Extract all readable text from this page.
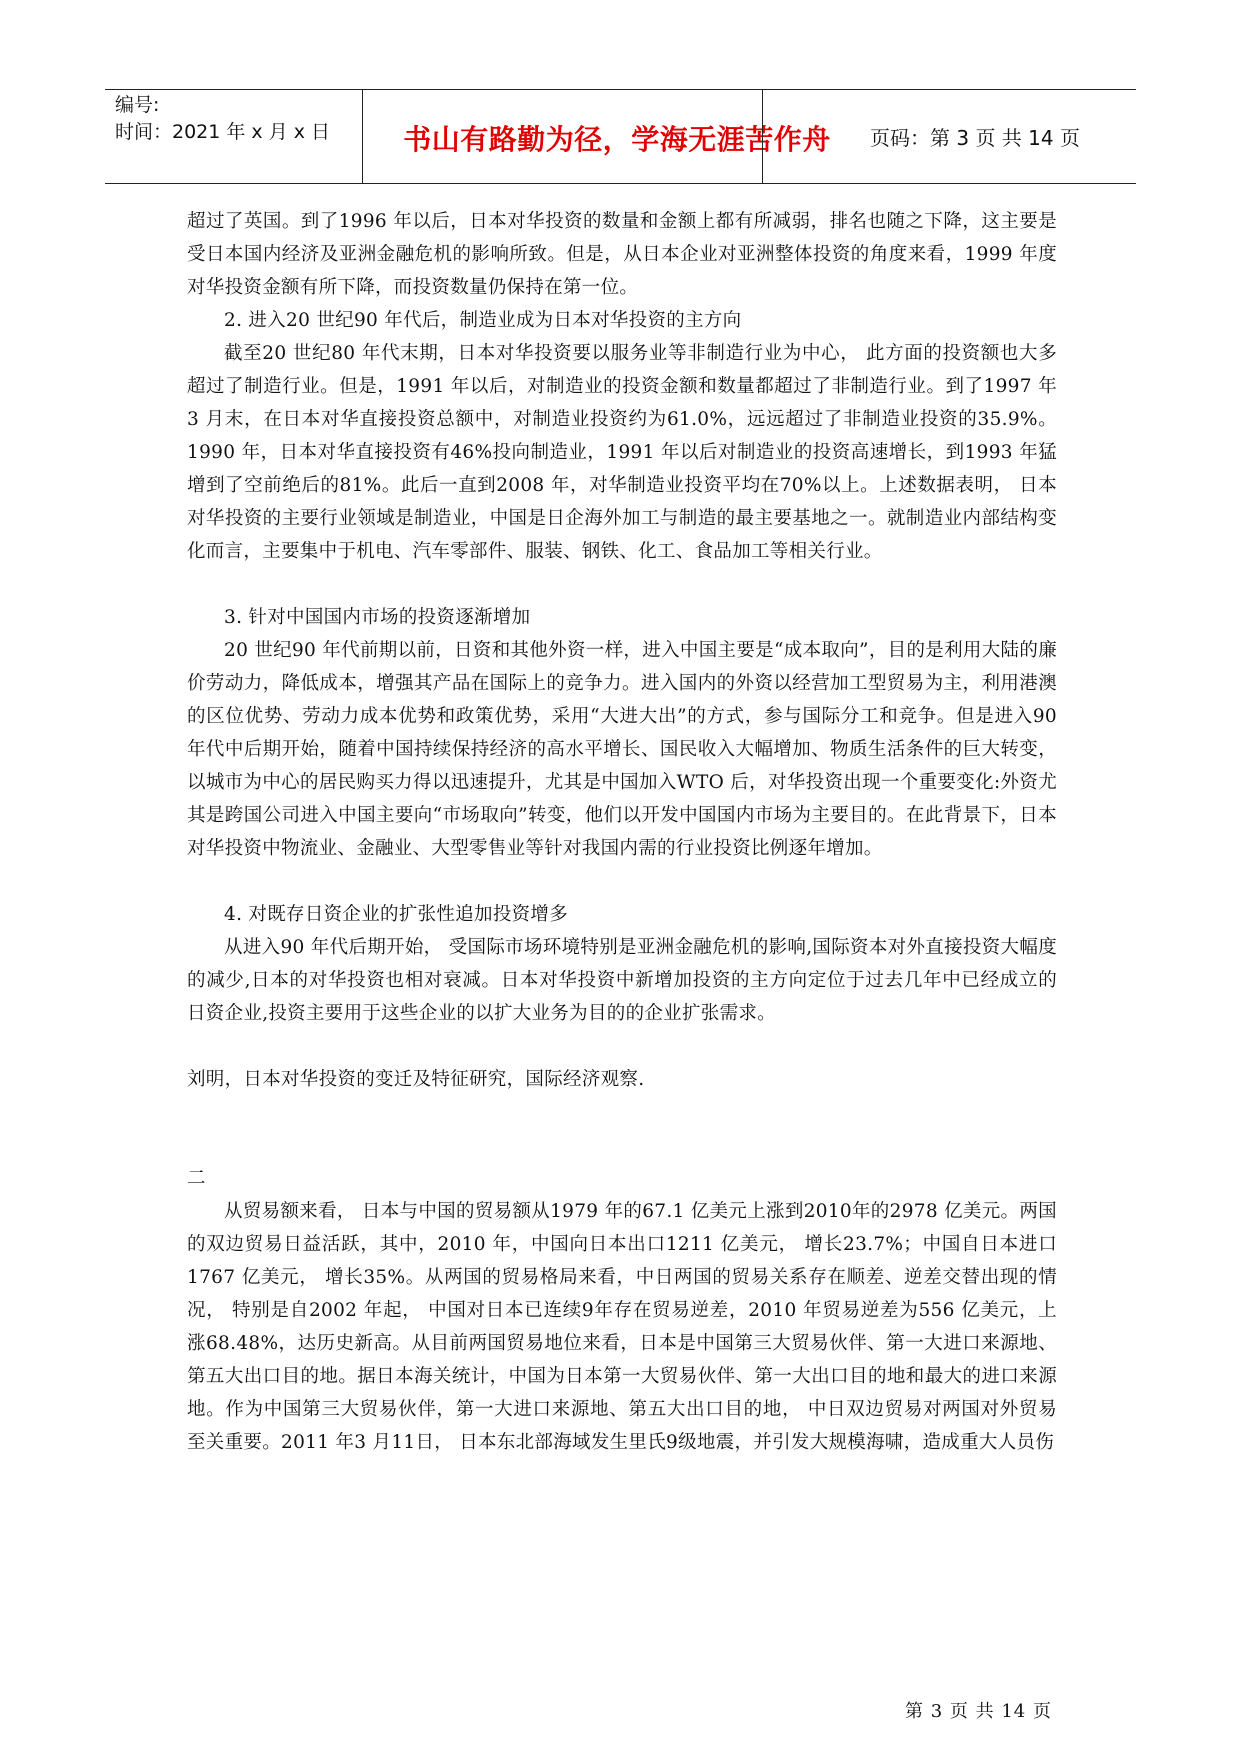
编号:
时间：2021 年 x 月 x 日	书山有路勤为径，学海无涯苦作舟	页码：第 3 页 共 14 页

超过了英国。到了1996 年以后，日本对华投资的数量和金额上都有所减弱，排名也随之下降，这主要是受日本国内经济及亚洲金融危机的影响所致。但是，从日本企业对亚洲整体投资的角度来看，1999 年度对华投资金额有所下降，而投资数量仍保持在第一位。

2. 进入20 世纪90 年代后，制造业成为日本对华投资的主方向

截至20 世纪80 年代末期，日本对华投资要以服务业等非制造行业为中心， 此方面的投资额也大多超过了制造行业。但是，1991 年以后，对制造业的投资金额和数量都超过了非制造行业。到了1997 年3 月末，在日本对华直接投资总额中，对制造业投资约为61.0%，远远超过了非制造业投资的35.9%。1990 年，日本对华直接投资有46%投向制造业，1991 年以后对制造业的投资高速增长，到1993 年猛增到了空前绝后的81%。此后一直到2008 年，对华制造业投资平均在70%以上。上述数据表明， 日本对华投资的主要行业领域是制造业，中国是日企海外加工与制造的最主要基地之一。就制造业内部结构变化而言，主要集中于机电、汽车零部件、服装、钢铁、化工、食品加工等相关行业。

3. 针对中国国内市场的投资逐渐增加

20 世纪90 年代前期以前，日资和其他外资一样，进入中国主要是“成本取向”，目的是利用大陆的廉价劳动力，降低成本，增强其产品在国际上的竞争力。进入国内的外资以经营加工型贸易为主，利用港澳的区位优势、劳动力成本优势和政策优势，采用“大进大出”的方式，参与国际分工和竞争。但是进入90 年代中后期开始，随着中国持续保持经济的高水平增长、国民收入大幅增加、物质生活条件的巨大转变，以城市为中心的居民购买力得以迅速提升，尤其是中国加入WTO 后，对华投资出现一个重要变化:外资尤其是跨国公司进入中国主要向“市场取向”转变，他们以开发中国国内市场为主要目的。在此背景下，日本对华投资中物流业、金融业、大型零售业等针对我国内需的行业投资比例逐年增加。

4. 对既存日资企业的扩张性追加投资增多

从进入90 年代后期开始， 受国际市场环境特别是亚洲金融危机的影响,国际资本对外直接投资大幅度的减少,日本的对华投资也相对衰减。日本对华投资中新增加投资的主方向定位于过去几年中已经成立的日资企业,投资主要用于这些企业的以扩大业务为目的的企业扩张需求。

刘明，日本对华投资的变迁及特征研究，国际经济观察.

二

从贸易额来看， 日本与中国的贸易额从1979 年的67.1 亿美元上涨到2010年的2978 亿美元。两国的双边贸易日益活跃，其中，2010 年，中国向日本出口1211 亿美元， 增长23.7%；中国自日本进口1767 亿美元， 增长35%。从两国的贸易格局来看，中日两国的贸易关系存在顺差、逆差交替出现的情况， 特别是自2002 年起， 中国对日本已连续9年存在贸易逆差，2010 年贸易逆差为556 亿美元，上涨68.48%，达历史新高。从目前两国贸易地位来看，日本是中国第三大贸易伙伴、第一大进口来源地、第五大出口目的地。据日本海关统计，中国为日本第一大贸易伙伴、第一大出口目的地和最大的进口来源地。作为中国第三大贸易伙伴，第一大进口来源地、第五大出口目的地， 中日双边贸易对两国对外贸易至关重要。2011 年3 月11日， 日本东北部海域发生里氏9级地震，并引发大规模海啸，造成重大人员伤

第 3 页 共 14 页
